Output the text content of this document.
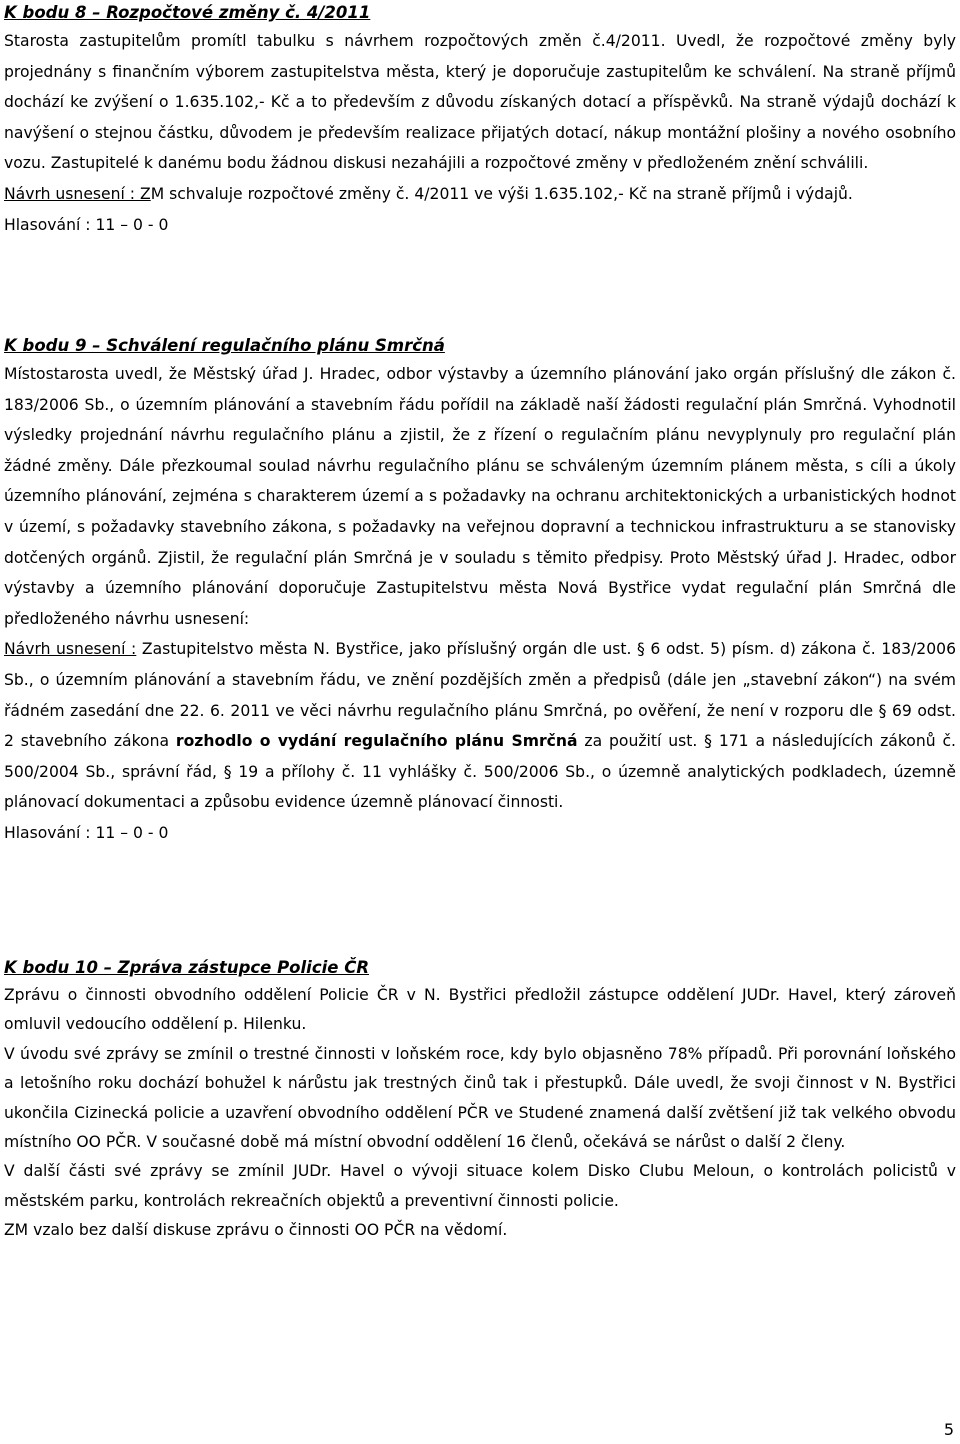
K bodu 8 – Rozpočtové změny č. 4/2011

Starosta zastupitelům promítl tabulku s návrhem rozpočtových změn č.4/2011. Uvedl, že rozpočtové změny byly projednány s finančním výborem zastupitelstva města, který je doporučuje zastupitelům ke schválení. Na straně příjmů dochází ke zvýšení o 1.635.102,- Kč a to především z důvodu získaných dotací a příspěvků. Na straně výdajů dochází k navýšení o stejnou částku, důvodem je především realizace přijatých dotací, nákup montážní plošiny a nového osobního vozu. Zastupitelé k danému bodu žádnou diskusi nezahájili a rozpočtové změny v předloženém znění schválili.

Návrh usnesení : ZM schvaluje rozpočtové změny č. 4/2011 ve výši 1.635.102,- Kč na straně příjmů i výdajů.

Hlasování : 11 – 0 - 0

K bodu 9 – Schválení regulačního plánu Smrčná

Místostarosta uvedl, že Městský úřad J. Hradec, odbor výstavby a územního plánování jako orgán příslušný dle zákon č. 183/2006 Sb., o územním plánování a stavebním řádu pořídil na základě naší žádosti regulační plán Smrčná. Vyhodnotil výsledky projednání návrhu regulačního plánu a zjistil, že z řízení o regulačním plánu nevyplynuly pro regulační plán žádné změny. Dále přezkoumal soulad návrhu regulačního plánu se schváleným územním plánem města, s cíli a úkoly územního plánování, zejména s charakterem území a s požadavky na ochranu architektonických a urbanistických hodnot v území, s požadavky stavebního zákona, s požadavky na veřejnou dopravní a technickou infrastrukturu a se stanovisky dotčených orgánů. Zjistil, že regulační plán Smrčná je v souladu s těmito předpisy. Proto Městský úřad J. Hradec, odbor výstavby a územního plánování doporučuje Zastupitelstvu města Nová Bystřice vydat regulační plán Smrčná dle předloženého návrhu usnesení:

Návrh usnesení : Zastupitelstvo města N. Bystřice, jako příslušný orgán dle ust. § 6 odst. 5) písm. d) zákona č. 183/2006 Sb., o územním plánování a stavebním řádu, ve znění pozdějších změn a předpisů (dále jen „stavební zákon“) na svém řádném zasedání dne 22. 6. 2011 ve věci návrhu regulačního plánu Smrčná, po ověření, že není v rozporu dle § 69 odst. 2 stavebního zákona rozhodlo o vydání regulačního plánu Smrčná za použití ust. § 171 a následujících zákonů č. 500/2004 Sb., správní řád, § 19 a přílohy č. 11 vyhlášky č. 500/2006 Sb., o územně analytických podkladech, územně plánovací dokumentaci a způsobu evidence územně plánovací činnosti.

Hlasování : 11 – 0 - 0

K bodu 10 – Zpráva zástupce Policie ČR

Zprávu o činnosti obvodního oddělení Policie ČR v N. Bystřici předložil zástupce oddělení JUDr. Havel, který zároveň omluvil vedoucího oddělení p. Hilenku.

V úvodu své zprávy se zmínil o trestné činnosti v loňském roce, kdy bylo objasněno 78% případů. Při porovnání loňského a letošního roku dochází bohužel k nárůstu jak trestných činů tak i přestupků. Dále uvedl, že svoji činnost v N. Bystřici ukončila Cizinecká policie a uzavření obvodního oddělení PČR ve Studené znamená další zvětšení již tak velkého obvodu místního OO PČR. V současné době má místní obvodní oddělení 16 členů, očekává se nárůst o další 2 členy.

V další části své zprávy se zmínil JUDr. Havel o vývoji situace kolem Disko Clubu Meloun, o kontrolách policistů v městském parku, kontrolách rekreačních objektů a preventivní činnosti policie.

ZM vzalo bez další diskuse zprávu o činnosti OO PČR na vědomí.

5
